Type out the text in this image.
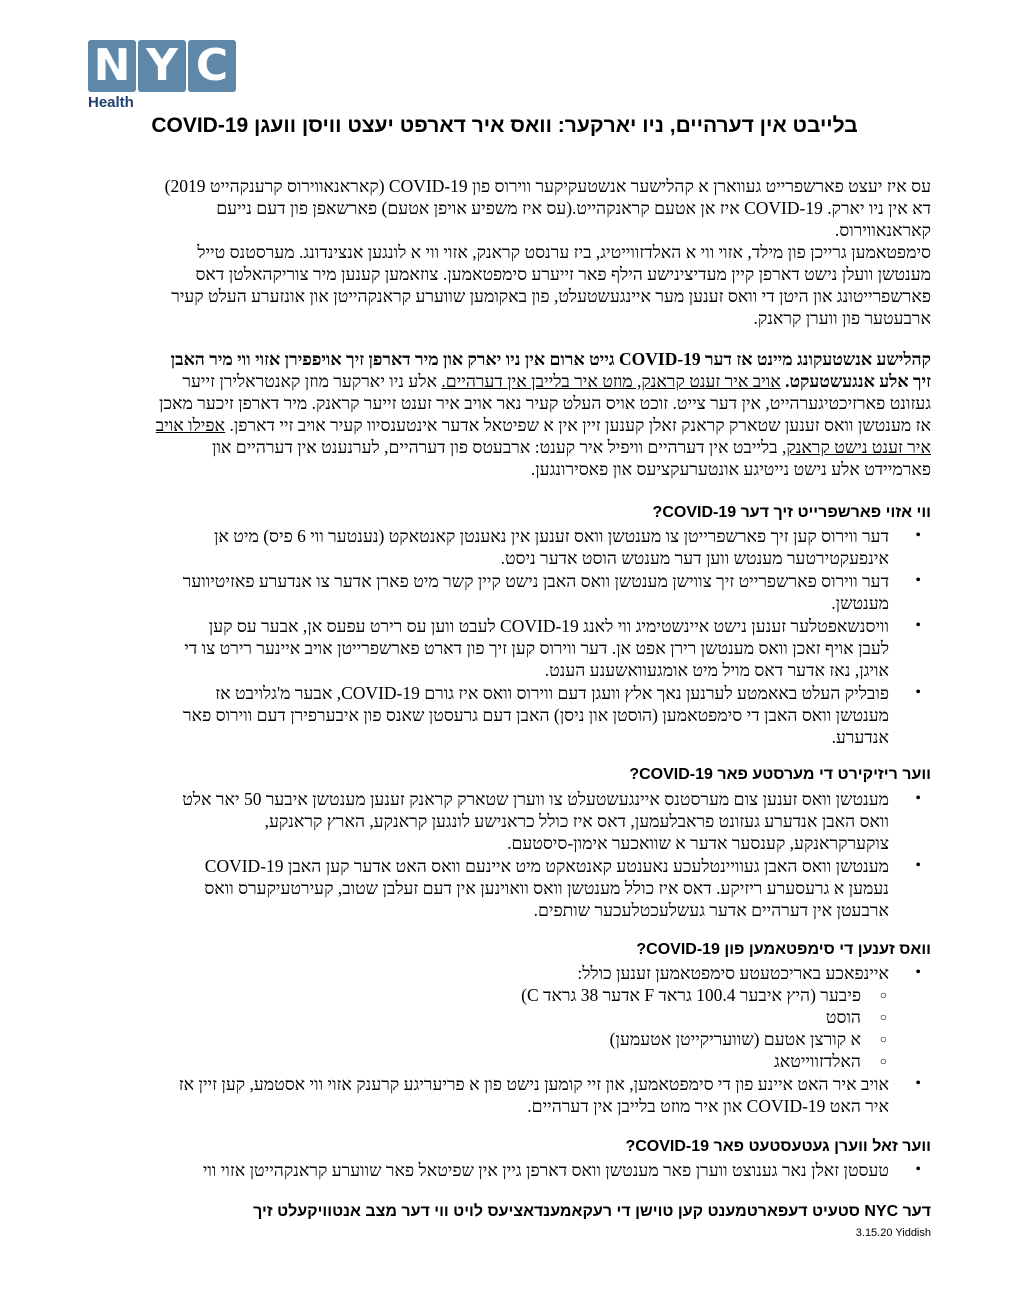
N Y C
Health
בלייבט אין דערהיים, ניו יארקער: וואס איר דארפט יעצט וויסן וועגן COVID-19

עס איז יעצט פארשפרייט געווארן א קהלישער אנשטעקיקער ווירוס פון COVID-19 (קאראנאווירוס קרענקהייט 2019)

דא אין ניו יארק. COVID-19 איז אן אטעם קראנקהייט.(עס איז משפיע אויפן אטעם) פארשאפן פון דעם נייעם

קאראנאווירוס.

סימפטאמען גרייכן פון מילד, אזוי ווי א האלדזווייטיג, ביז ערנסט קראנק, אזוי ווי א לונגען אנצינדונג. מערסטנס טייל

מענטשן וועלן נישט דארפן קיין מעדיצינישע הילף פאר זייערע סימפטאמען. צוזאמען קענען מיר צוריקהאלטן דאס

פארשפרייטונג און היטן די וואס זענען מער איינגעשטעלט, פון באקומען שווערע קראנקהייטן און אונזערע העלט קעיר

ארבעטער פון ווערן קראנק.

קהלישע אנשטעקונג מיינט אז דער COVID-19 גייט ארום אין ניו יארק און מיר דארפן זיך אויפפירן אזוי ווי מיר האבן

זיך אלע אנגעשטעקט. אויב איר זענט קראנק, מוזט איר בלייבן אין דערהיים. אלע ניו יארקער מוזן קאנטראלירן זייער

געזונט פארזיכטיגערהייט, אין דער צייט. זוכט אויס העלט קעיר נאר אויב איר זענט זייער קראנק. מיר דארפן זיכער מאכן

אז מענטשן וואס זענען שטארק קראנק זאלן קענען זיין אין א שפיטאל אדער אינטענסיוו קעיר אויב זיי דארפן. אפילו אויב

איר זענט נישט קראנק, בלייבט אין דערהיים וויפיל איר קענט: ארבעטס פון דערהיים, לערנענט אין דערהיים און

פארמיידט אלע נישט נייטיגע אונטערעקציעס און פאסירונגען.

ווי אזוי פארשפרייט זיך דער COVID-19?
• דער ווירוס קען זיך פארשפרייטן צו מענטשן וואס זענען אין נאענטן קאנטאקט (נענטער ווי 6 פיס) מיט אן
אינפעקטירטער מענטש ווען דער מענטש הוסט אדער ניסט.
• דער ווירוס פארשפרייט זיך צווישן מענטשן וואס האבן נישט קיין קשר מיט פארן אדער צו אנדערע פאזיטיווער
מענטשן.
• וויסנשאפטלער זענען נישט איינשטימיג ווי לאנג COVID-19 לעבט ווען עס רירט עפעס אן, אבער עס קען
לעבן אויף זאכן וואס מענטשן רירן אפט אן. דער ווירוס קען זיך פון דארט פארשפרייטן אויב איינער רירט צו די
אויגן, נאז אדער דאס מויל מיט אומגעוואשענע הענט.
• פובליק העלט באאמטע לערנען נאך אלץ וועגן דעם ווירוס וואס איז גורם COVID-19, אבער מ'גלויבט אז
מענטשן וואס האבן די סימפטאמען (הוסטן און ניסן) האבן דעם גרעסטן שאנס פון איבערפירן דעם ווירוס פאר
אנדערע.
ווער ריזיקירט די מערסטע פאר COVID-19?
• מענטשן וואס זענען צום מערסטנס איינגעשטעלט צו ווערן שטארק קראנק זענען מענטשן איבער 50 יאר אלט
וואס האבן אנדערע געזונט פראבלעמען, דאס איז כולל כראנישע לונגען קראנקע, הארץ קראנקע,
צוקערקראנקע, קענסער אדער א שוואכער אימון-סיסטעם.
• מענטשן וואס האבן געוויינטלעכע נאענטע קאנטאקט מיט איינעם וואס האט אדער קען האבן COVID-19
נעמען א גרעסערע ריזיקע. דאס איז כולל מענטשן וואס וואוינען אין דעם זעלבן שטוב, קעירטעיקערס וואס
ארבעטן אין דערהיים אדער געשלעכטלעכער שותפים.
וואס זענען די סימפטאמען פון COVID-19?
• איינפאכע באריכטעטע סימפטאמען זענען כולל:
○ פיבער (היץ איבער 100.4 גראד F אדער 38 גראד C)
○ הוסט
○ א קורצן אטעם (שוועריקייטן אטעמען)
○ האלדזווייטאג
• אויב איר האט איינע פון די סימפטאמען, און זיי קומען נישט פון א פריעריגע קרענק אזוי ווי אסטמע, קען זיין אז
איר האט COVID-19 און איר מוזט בלייבן אין דערהיים.
ווער זאל ווערן געטעסטעט פאר COVID-19?
• טעסטן זאלן נאר גענוצט ווערן פאר מענטשן וואס דארפן גיין אין שפיטאל פאר שווערע קראנקהייטן אזוי ווי
דער NYC סטעיט דעפארטמענט קען טוישן די רעקאמענדאציעס לויט ווי דער מצב אנטוויקעלט זיך
3.15.20 Yiddish
